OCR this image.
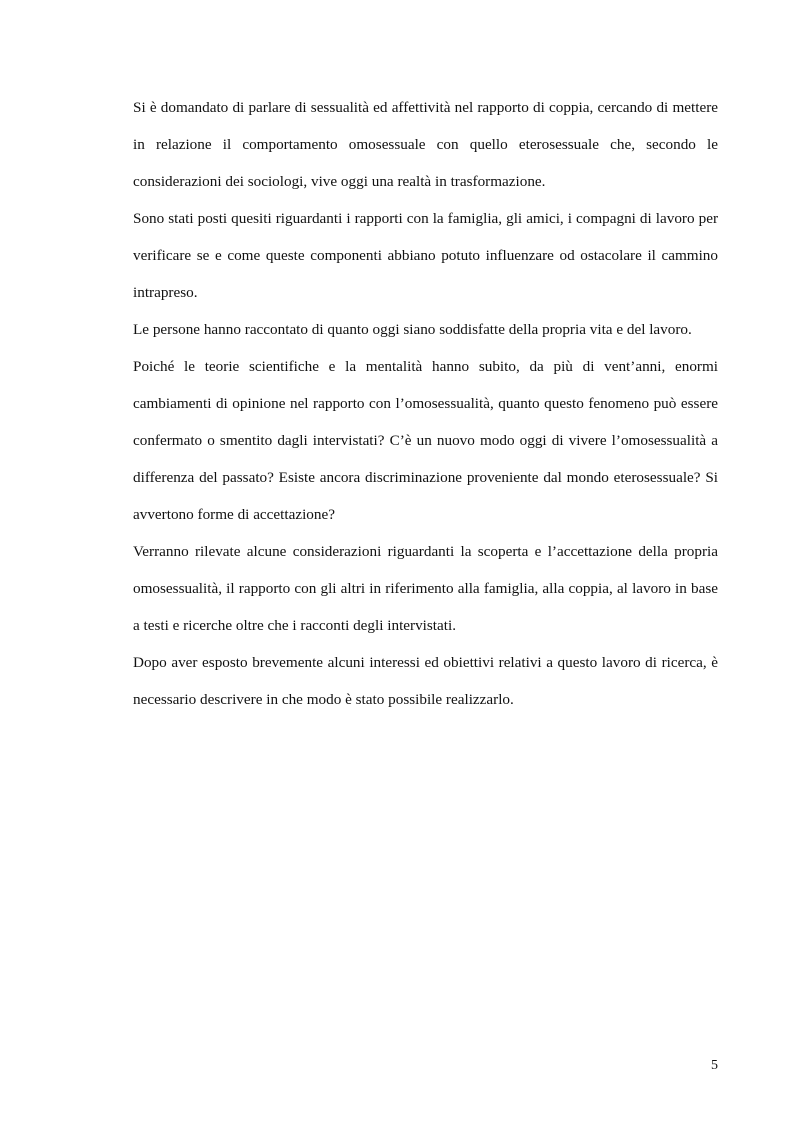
Si è domandato di parlare di sessualità ed affettività nel rapporto di coppia, cercando di mettere in relazione il comportamento omosessuale con quello eterosessuale che, secondo le considerazioni dei sociologi, vive oggi una realtà in trasformazione.

Sono stati posti quesiti riguardanti i rapporti con la famiglia, gli amici, i compagni di lavoro per verificare se e come queste componenti abbiano potuto influenzare od ostacolare il cammino intrapreso.

Le persone hanno raccontato di quanto oggi siano soddisfatte della propria vita e del lavoro.

Poiché le teorie scientifiche e la mentalità hanno subito, da più di vent’anni, enormi cambiamenti di opinione nel rapporto con l’omosessualità, quanto questo fenomeno può essere confermato o smentito dagli intervistati? C’è un nuovo modo oggi di vivere l’omosessualità a differenza del passato? Esiste ancora discriminazione proveniente dal mondo eterosessuale? Si avvertono forme di accettazione?

Verranno rilevate alcune considerazioni riguardanti la scoperta e l’accettazione della propria omosessualità, il rapporto con gli altri in riferimento alla famiglia, alla coppia, al lavoro in base a testi e ricerche oltre che i racconti degli intervistati.

Dopo aver esposto brevemente alcuni interessi ed obiettivi relativi a questo lavoro di ricerca, è necessario descrivere in che modo è stato possibile realizzarlo.

5
